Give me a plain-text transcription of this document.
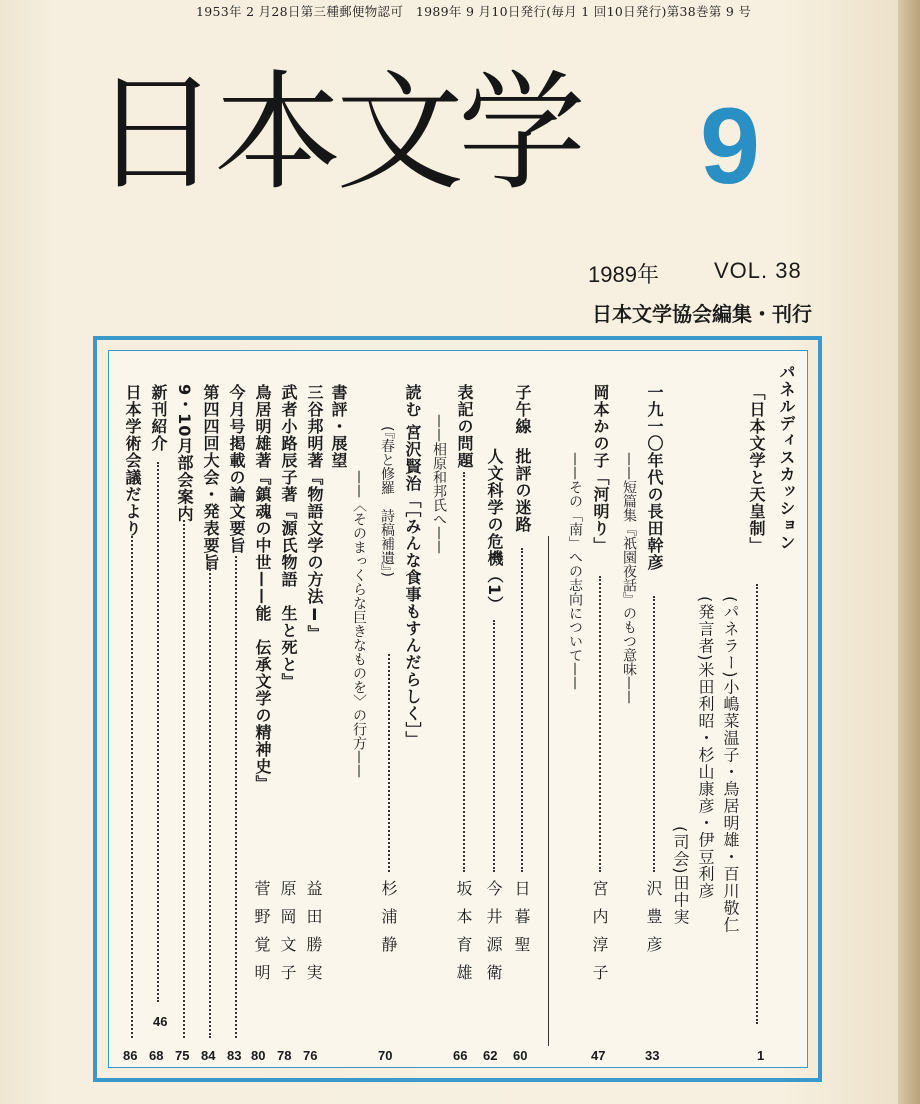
1953年 2 月28日第三種郵便物認可　1989年 9 月10日発行(毎月 1 回10日発行)第38巻第 9 号
日本文学 9
1989年	VOL. 38
日本文学協会編集・刊行
パネルディスカッション
「日本文学と天皇制」
1
(パネラー)小嶋菜温子・鳥居明雄・百川敬仁
(発言者)米田利昭・杉山康彦・伊豆利彦
(司会)田中実
一九一〇年代の長田幹彦
——短篇集『祇園夜話』のもつ意味——
沢豊彦
33
岡本かの子「河明り」
——その「南」への志向について——
宮内淳子
47
子午線
批評の迷路
日暮聖
60
人文科学の危機（1）
今井源衛
62
表記の問題
——相原和邦氏へ——
坂本育雄
66
読む
宮沢賢治「［みんな食事もすんだらしく］」
(『春と修羅　詩稿補遺』)
——〈そのまっくらな巨きなものを〉の行方——
杉浦静
70
書評・展望
三谷邦明著『物語文学の方法Ⅰ』
益田勝実
76
武者小路辰子著『源氏物語　生と死と』
原岡文子
78
鳥居明雄著『鎮魂の中世——能　伝承文学の精神史』
菅野覚明
80
今月号掲載の論文要旨
83
第四四回大会・発表要旨
84
9・10月部会案内
75
新刊紹介
46
68
日本学術会議だより
86
